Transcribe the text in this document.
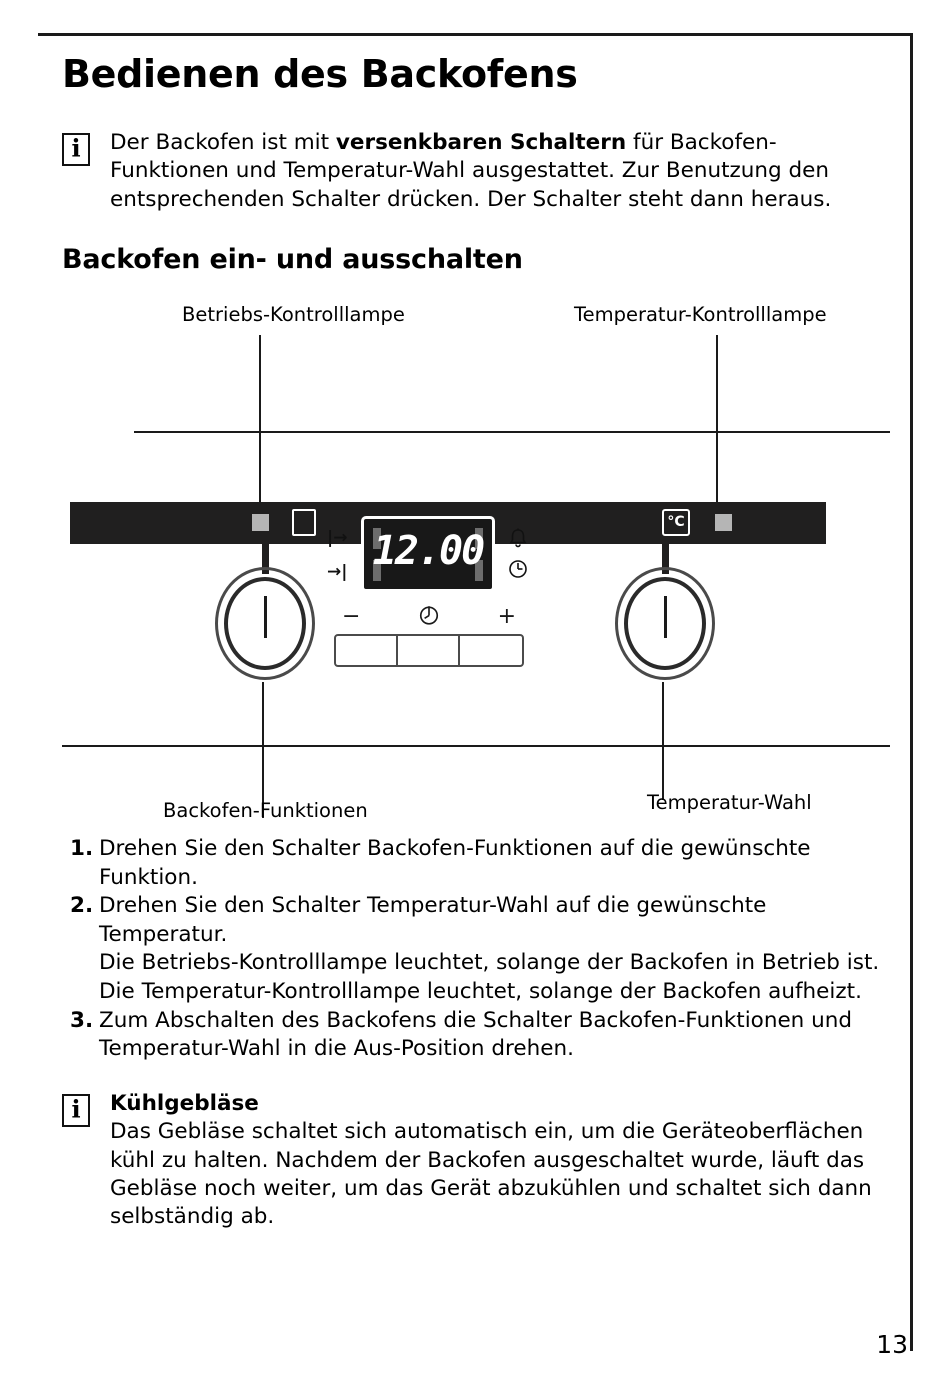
Bedienen des Backofens
i
Der Backofen ist mit versenkbaren Schaltern für Backofen-Funktionen und Temperatur-Wahl ausgestattet. Zur Benutzung den entsprechenden Schalter drücken. Der Schalter steht dann heraus.
Backofen ein- und ausschalten
Betriebs-Kontrolllampe	Temperatur-Kontrolllampe
°C
12.00
|→
→|
−	+
Backofen-Funktionen	Temperatur-Wahl
1. Drehen Sie den Schalter Backofen-Funktionen auf die gewünschte Funktion.
2. Drehen Sie den Schalter Temperatur-Wahl auf die gewünschte Temperatur.
Die Betriebs-Kontrolllampe leuchtet, solange der Backofen in Betrieb ist.
Die Temperatur-Kontrolllampe leuchtet, solange der Backofen aufheizt.
3. Zum Abschalten des Backofens die Schalter Backofen-Funktionen und Temperatur-Wahl in die Aus-Position drehen.
i
Kühlgebläse
Das Gebläse schaltet sich automatisch ein, um die Geräteoberflächen kühl zu halten. Nachdem der Backofen ausgeschaltet wurde, läuft das Gebläse noch weiter, um das Gerät abzukühlen und schaltet sich dann selbständig ab.
13
